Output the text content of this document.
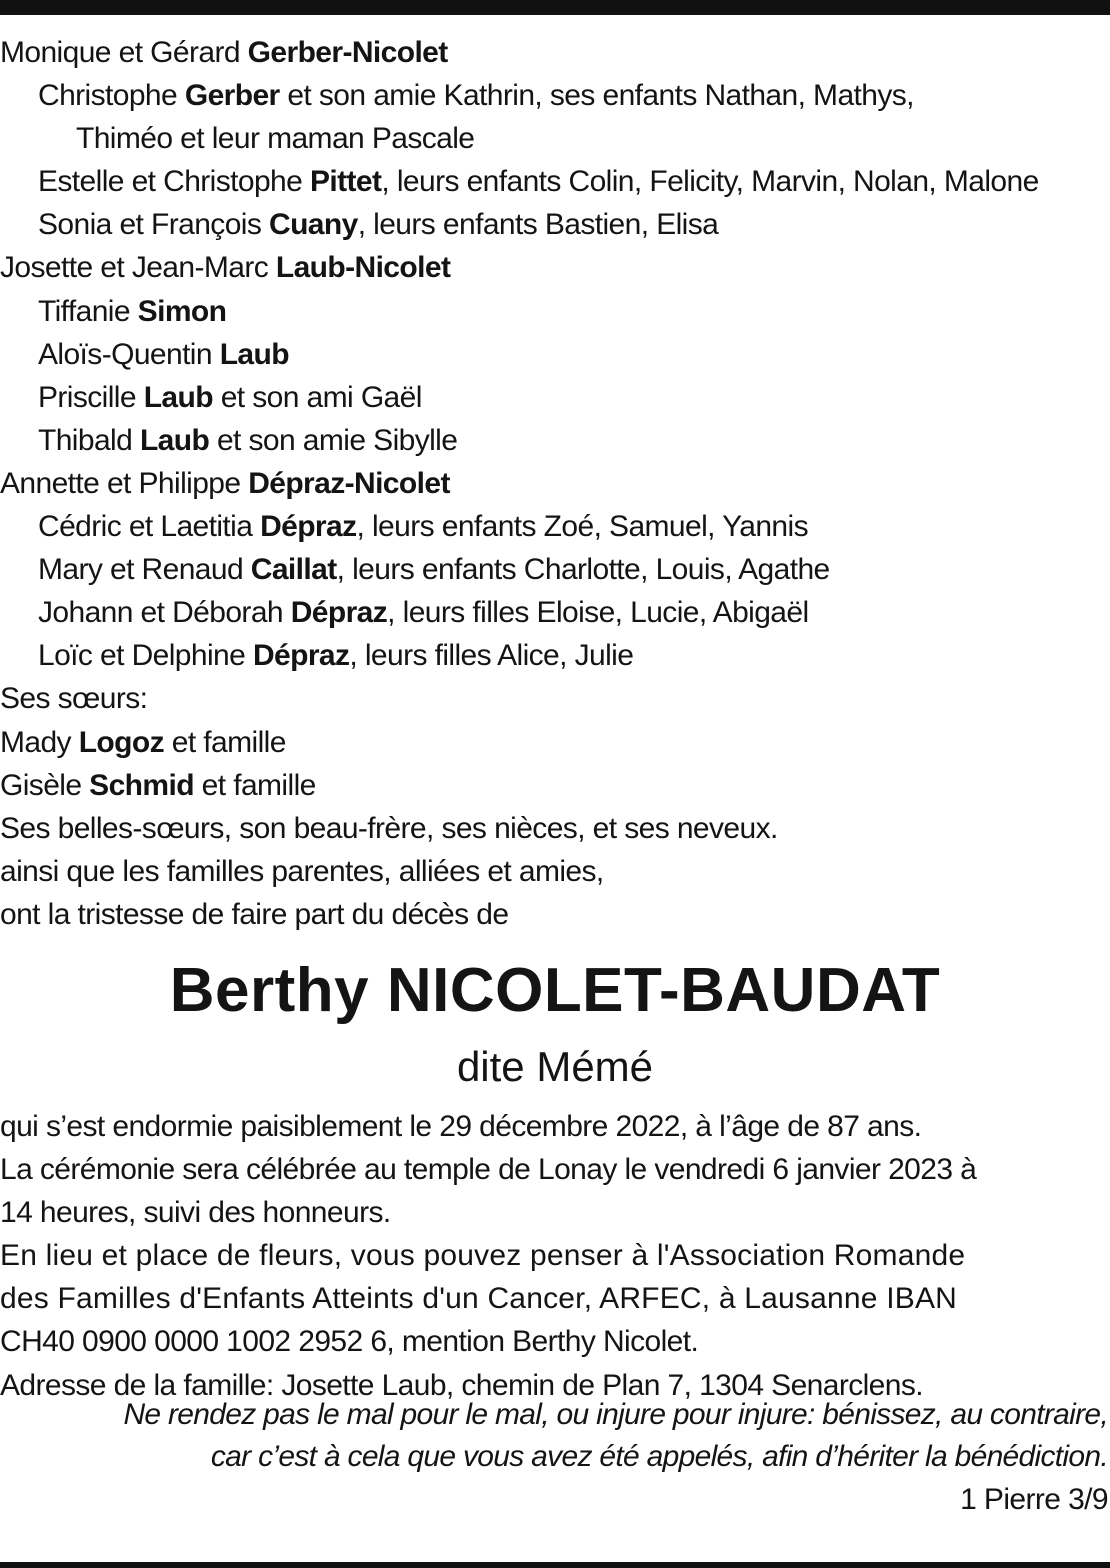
Monique et Gérard Gerber-Nicolet
Christophe Gerber et son amie Kathrin, ses enfants Nathan, Mathys,
Thiméo et leur maman Pascale
Estelle et Christophe Pittet, leurs enfants Colin, Felicity, Marvin, Nolan, Malone
Sonia et François Cuany, leurs enfants Bastien, Elisa
Josette et Jean-Marc Laub-Nicolet
Tiffanie Simon
Aloïs-Quentin Laub
Priscille Laub et son ami Gaël
Thibald Laub et son amie Sibylle
Annette et Philippe Dépraz-Nicolet
Cédric et Laetitia Dépraz, leurs enfants Zoé, Samuel, Yannis
Mary et Renaud Caillat, leurs enfants Charlotte, Louis, Agathe
Johann et Déborah Dépraz, leurs filles Eloise, Lucie, Abigaël
Loïc et Delphine Dépraz, leurs filles Alice, Julie
Ses sœurs:
Mady Logoz et famille
Gisèle Schmid et famille
Ses belles-sœurs, son beau-frère, ses nièces, et ses neveux.
ainsi que les familles parentes, alliées et amies,
ont la tristesse de faire part du décès de
Berthy NICOLET-BAUDAT
dite Mémé
qui s’est endormie paisiblement le 29 décembre 2022, à l’âge de 87 ans.
La cérémonie sera célébrée au temple de Lonay le vendredi 6 janvier 2023 à
14 heures, suivi des honneurs.
En lieu et place de fleurs, vous pouvez penser à l'Association Romande
des Familles d'Enfants Atteints d'un Cancer, ARFEC, à Lausanne IBAN
CH40 0900 0000 1002 2952 6, mention Berthy Nicolet.
Adresse de la famille: Josette Laub, chemin de Plan 7, 1304 Senarclens.
Ne rendez pas le mal pour le mal, ou injure pour injure: bénissez, au contraire,
car c’est à cela que vous avez été appelés, afin d’hériter la bénédiction.
1 Pierre 3/9
